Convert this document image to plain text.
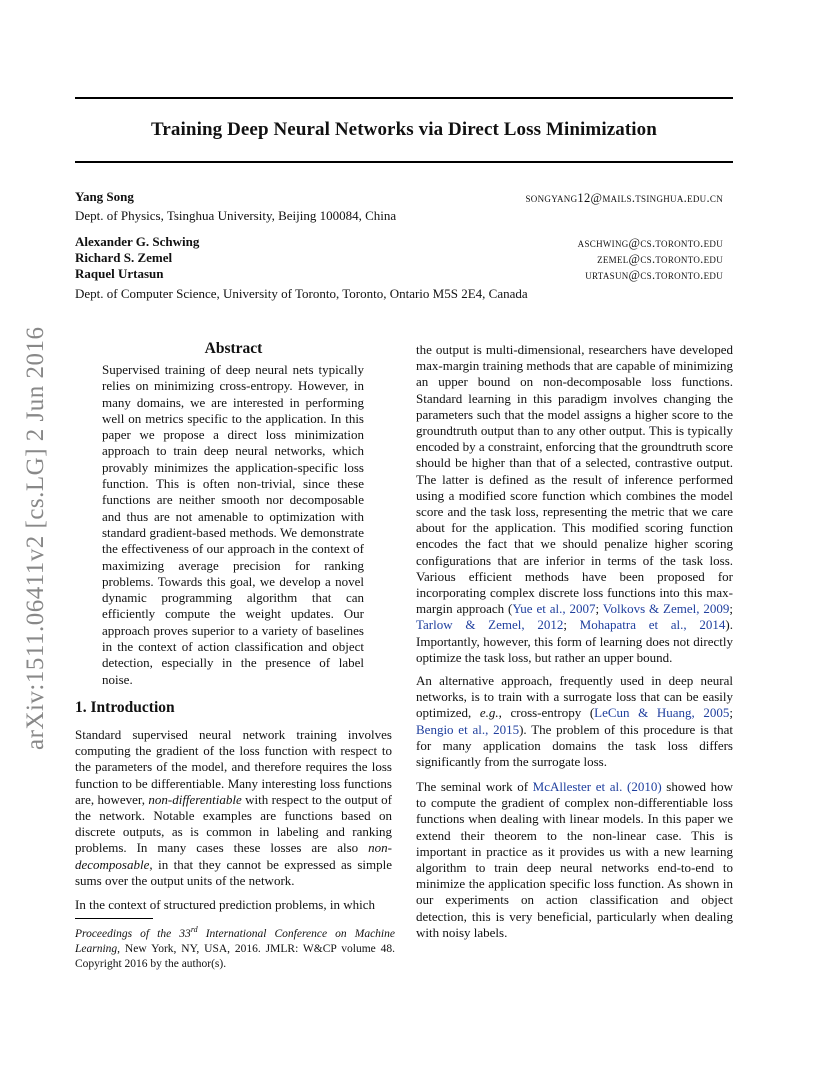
arXiv:1511.06411v2 [cs.LG] 2 Jun 2016
Training Deep Neural Networks via Direct Loss Minimization
Yang Song	songyang12@mails.tsinghua.edu.cn
Dept. of Physics, Tsinghua University, Beijing 100084, China
Alexander G. Schwing	aschwing@cs.toronto.edu
Richard S. Zemel	zemel@cs.toronto.edu
Raquel Urtasun	urtasun@cs.toronto.edu
Dept. of Computer Science, University of Toronto, Toronto, Ontario M5S 2E4, Canada
Abstract
Supervised training of deep neural nets typically relies on minimizing cross-entropy. However, in many domains, we are interested in performing well on metrics specific to the application. In this paper we propose a direct loss minimization approach to train deep neural networks, which provably minimizes the application-specific loss function. This is often non-trivial, since these functions are neither smooth nor decomposable and thus are not amenable to optimization with standard gradient-based methods. We demonstrate the effectiveness of our approach in the context of maximizing average precision for ranking problems. Towards this goal, we develop a novel dynamic programming algorithm that can efficiently compute the weight updates. Our approach proves superior to a variety of baselines in the context of action classification and object detection, especially in the presence of label noise.
1. Introduction
Standard supervised neural network training involves computing the gradient of the loss function with respect to the parameters of the model, and therefore requires the loss function to be differentiable. Many interesting loss functions are, however, non-differentiable with respect to the output of the network. Notable examples are functions based on discrete outputs, as is common in labeling and ranking problems. In many cases these losses are also non-decomposable, in that they cannot be expressed as simple sums over the output units of the network.
In the context of structured prediction problems, in which
Proceedings of the 33rd International Conference on Machine Learning, New York, NY, USA, 2016. JMLR: W&CP volume 48. Copyright 2016 by the author(s).
the output is multi-dimensional, researchers have developed max-margin training methods that are capable of minimizing an upper bound on non-decomposable loss functions. Standard learning in this paradigm involves changing the parameters such that the model assigns a higher score to the groundtruth output than to any other output. This is typically encoded by a constraint, enforcing that the groundtruth score should be higher than that of a selected, contrastive output. The latter is defined as the result of inference performed using a modified score function which combines the model score and the task loss, representing the metric that we care about for the application. This modified scoring function encodes the fact that we should penalize higher scoring configurations that are inferior in terms of the task loss. Various efficient methods have been proposed for incorporating complex discrete loss functions into this max-margin approach (Yue et al., 2007; Volkovs & Zemel, 2009; Tarlow & Zemel, 2012; Mohapatra et al., 2014). Importantly, however, this form of learning does not directly optimize the task loss, but rather an upper bound.
An alternative approach, frequently used in deep neural networks, is to train with a surrogate loss that can be easily optimized, e.g., cross-entropy (LeCun & Huang, 2005; Bengio et al., 2015). The problem of this procedure is that for many application domains the task loss differs significantly from the surrogate loss.
The seminal work of McAllester et al. (2010) showed how to compute the gradient of complex non-differentiable loss functions when dealing with linear models. In this paper we extend their theorem to the non-linear case. This is important in practice as it provides us with a new learning algorithm to train deep neural networks end-to-end to minimize the application specific loss function. As shown in our experiments on action classification and object detection, this is very beneficial, particularly when dealing with noisy labels.
